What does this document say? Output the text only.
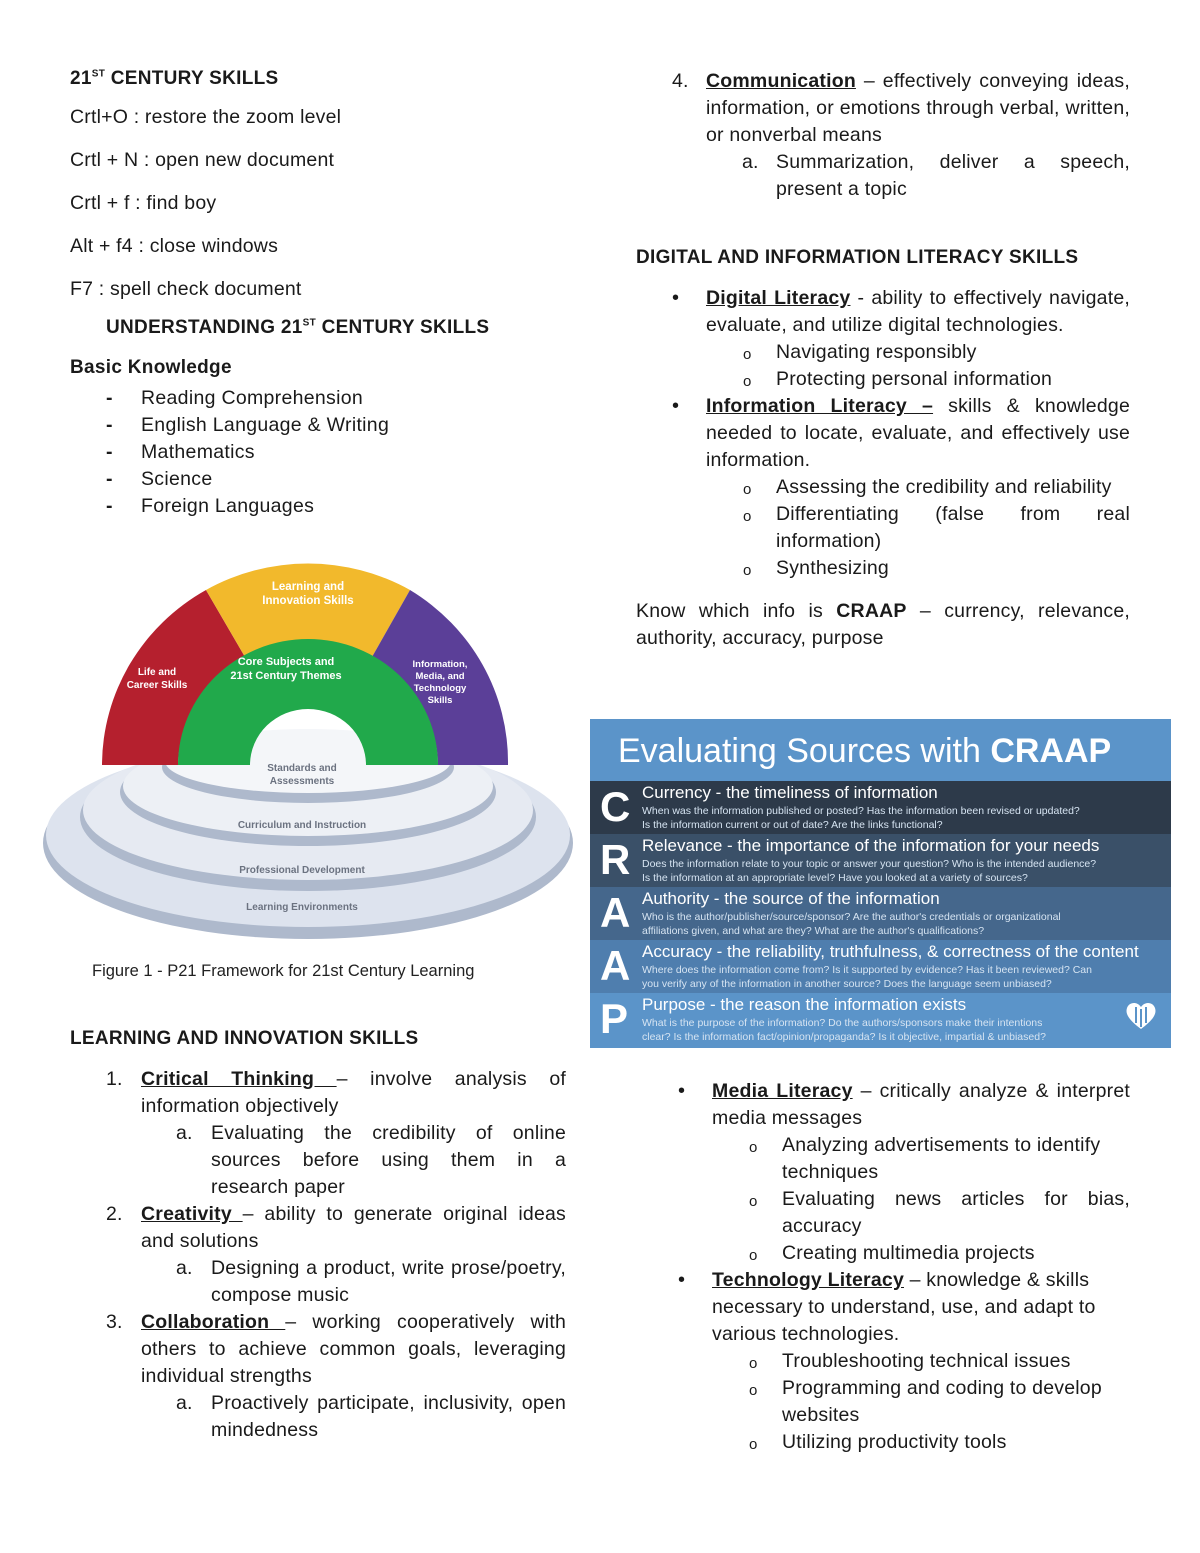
21ST CENTURY SKILLS
Crtl+O : restore the zoom level
Crtl + N : open new document
Crtl + f : find boy
Alt + f4 : close windows
F7 : spell check document
UNDERSTANDING 21ST CENTURY SKILLS
Basic Knowledge
- Reading Comprehension
- English Language & Writing
- Mathematics
- Science
- Foreign Languages
Learning and
Innovation Skills
Life and
Career Skills
Information,
Media, and
Technology
Skills
Core Subjects and
21st Century Themes
Standards and
Assessments
Curriculum and Instruction
Professional Development
Learning Environments
Figure 1 - P21 Framework for 21st Century Learning
LEARNING AND INNOVATION SKILLS
1. Critical Thinking – involve analysis of information objectively
a. Evaluating the credibility of online sources before using them in a research paper
2. Creativity – ability to generate original ideas and solutions
a. Designing a product, write prose/poetry, compose music
3. Collaboration – working cooperatively with others to achieve common goals, leveraging individual strengths
a. Proactively participate, inclusivity, open mindedness
4. Communication – effectively conveying ideas, information, or emotions through verbal, written, or nonverbal means
a. Summarization, deliver a speech, present a topic
DIGITAL AND INFORMATION LITERACY SKILLS
• Digital Literacy - ability to effectively navigate, evaluate, and utilize digital technologies.
o Navigating responsibly
o Protecting personal information
• Information Literacy – skills & knowledge needed to locate, evaluate, and effectively use information.
o Assessing the credibility and reliability
o Differentiating (false from real information)
o Synthesizing
Know which info is CRAAP – currency, relevance, authority, accuracy, purpose
Evaluating Sources with CRAAP
C Currency - the timeliness of information
When was the information published or posted? Has the information been revised or updated?
Is the information current or out of date? Are the links functional?
R Relevance - the importance of the information for your needs
Does the information relate to your topic or answer your question? Who is the intended audience?
Is the information at an appropriate level? Have you looked at a variety of sources?
A Authority - the source of the information
Who is the author/publisher/source/sponsor? Are the author's credentials or organizational
affiliations given, and what are they? What are the author's qualifications?
A Accuracy - the reliability, truthfulness, & correctness of the content
Where does the information come from? Is it supported by evidence? Has it been reviewed? Can
you verify any of the information in another source? Does the language seem unbiased?
P Purpose - the reason the information exists
What is the purpose of the information? Do the authors/sponsors make their intentions
clear? Is the information fact/opinion/propaganda? Is it objective, impartial & unbiased?
• Media Literacy – critically analyze & interpret media messages
o Analyzing advertisements to identify techniques
o Evaluating news articles for bias, accuracy
o Creating multimedia projects
• Technology Literacy – knowledge & skills necessary to understand, use, and adapt to various technologies.
o Troubleshooting technical issues
o Programming and coding to develop websites
o Utilizing productivity tools
